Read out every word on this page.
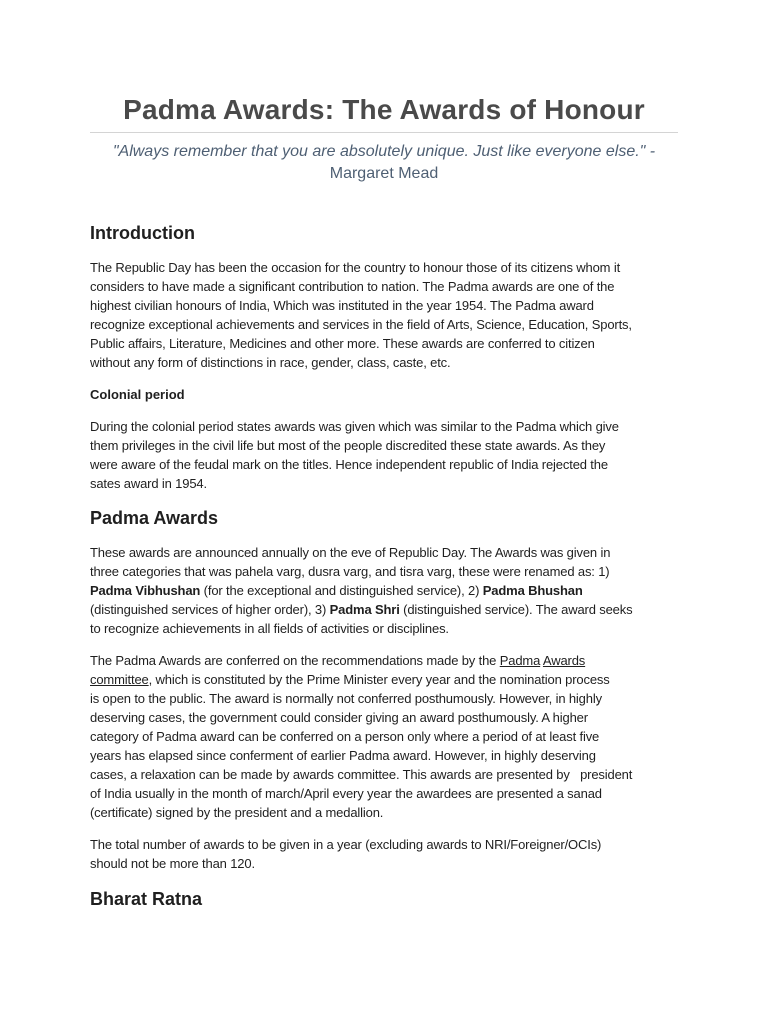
Padma Awards: The Awards of Honour

"Always remember that you are absolutely unique. Just like everyone else." -
Margaret Mead

Introduction

The Republic Day has been the occasion for the country to honour those of its citizens whom it
considers to have made a significant contribution to nation. The Padma awards are one of the
highest civilian honours of India, Which was instituted in the year 1954. The Padma award
recognize exceptional achievements and services in the field of Arts, Science, Education, Sports,
Public affairs, Literature, Medicines and other more. These awards are conferred to citizen
without any form of distinctions in race, gender, class, caste, etc.

Colonial period

During the colonial period states awards was given which was similar to the Padma which give
them privileges in the civil life but most of the people discredited these state awards. As they
were aware of the feudal mark on the titles. Hence independent republic of India rejected the
sates award in 1954.

Padma Awards

These awards are announced annually on the eve of Republic Day. The Awards was given in
three categories that was pahela varg, dusra varg, and tisra varg, these were renamed as: 1)
Padma Vibhushan (for the exceptional and distinguished service), 2) Padma Bhushan
(distinguished services of higher order), 3) Padma Shri (distinguished service). The award seeks
to recognize achievements in all fields of activities or disciplines.

The Padma Awards are conferred on the recommendations made by the Padma Awards
committee, which is constituted by the Prime Minister every year and the nomination process
is open to the public. The award is normally not conferred posthumously. However, in highly
deserving cases, the government could consider giving an award posthumously. A higher
category of Padma award can be conferred on a person only where a period of at least five
years has elapsed since conferment of earlier Padma award. However, in highly deserving
cases, a relaxation can be made by awards committee. This awards are presented by   president
of India usually in the month of march/April every year the awardees are presented a sanad
(certificate) signed by the president and a medallion.

The total number of awards to be given in a year (excluding awards to NRI/Foreigner/OCIs)
should not be more than 120.

Bharat Ratna
